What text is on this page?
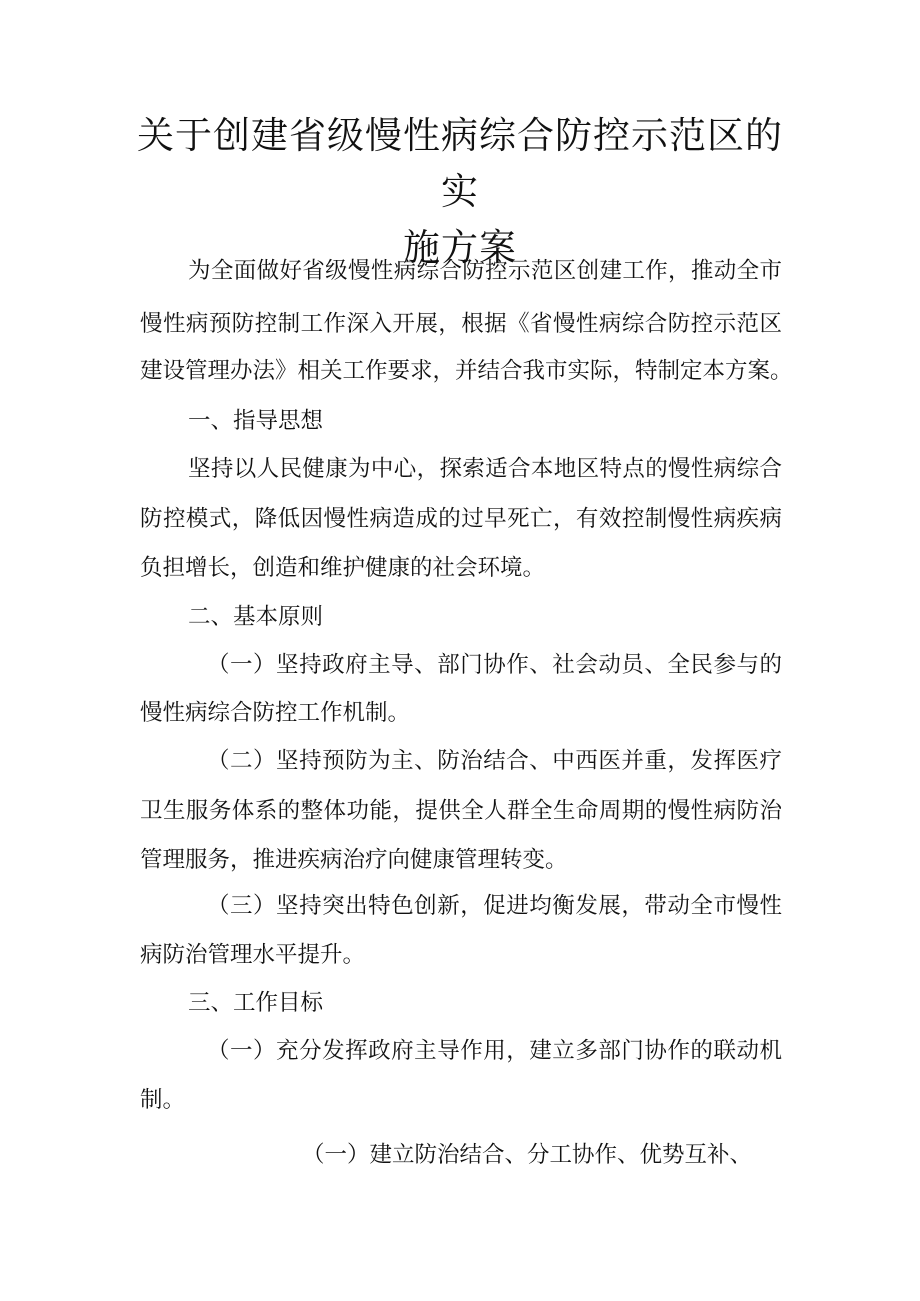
关于创建省级慢性病综合防控示范区的实
施方案
为全面做好省级慢性病综合防控示范区创建工作，推动全市
慢性病预防控制工作深入开展，根据《省慢性病综合防控示范区
建设管理办法》相关工作要求，并结合我市实际，特制定本方案。
一、指导思想
坚持以人民健康为中心，探索适合本地区特点的慢性病综合
防控模式，降低因慢性病造成的过早死亡，有效控制慢性病疾病
负担增长，创造和维护健康的社会环境。
二、基本原则
（一）坚持政府主导、部门协作、社会动员、全民参与的
慢性病综合防控工作机制。
（二）坚持预防为主、防治结合、中西医并重，发挥医疗
卫生服务体系的整体功能，提供全人群全生命周期的慢性病防治
管理服务，推进疾病治疗向健康管理转变。
（三）坚持突出特色创新，促进均衡发展，带动全市慢性
病防治管理水平提升。
三、工作目标
（一）充分发挥政府主导作用，建立多部门协作的联动机
制。
（一）建立防治结合、分工协作、优势互补、
